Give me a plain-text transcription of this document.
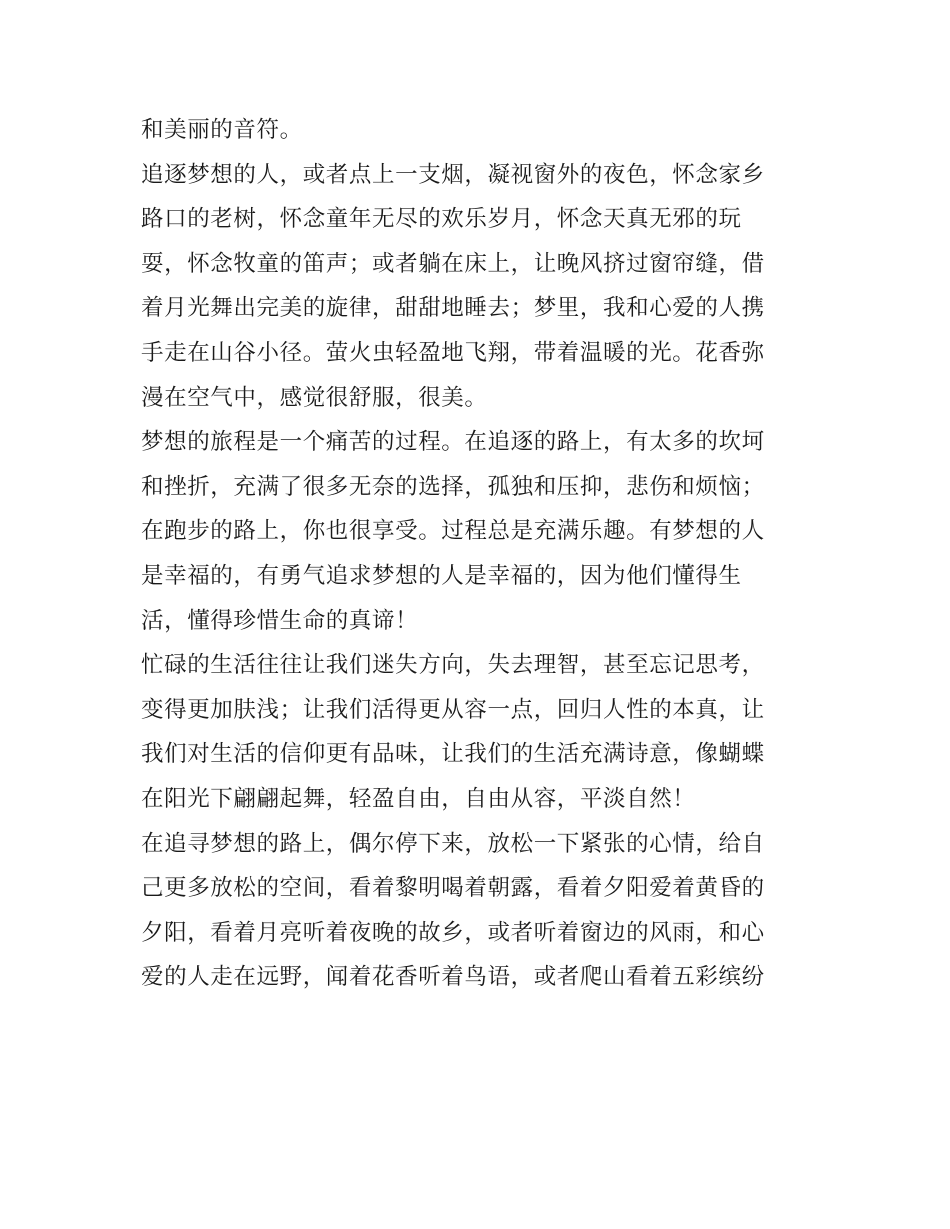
和美丽的音符。
追逐梦想的人，或者点上一支烟，凝视窗外的夜色，怀念家乡
路口的老树，怀念童年无尽的欢乐岁月，怀念天真无邪的玩
耍，怀念牧童的笛声；或者躺在床上，让晚风挤过窗帘缝，借
着月光舞出完美的旋律，甜甜地睡去；梦里，我和心爱的人携
手走在山谷小径。萤火虫轻盈地飞翔，带着温暖的光。花香弥
漫在空气中，感觉很舒服，很美。
梦想的旅程是一个痛苦的过程。在追逐的路上，有太多的坎坷
和挫折，充满了很多无奈的选择，孤独和压抑，悲伤和烦恼；
在跑步的路上，你也很享受。过程总是充满乐趣。有梦想的人
是幸福的，有勇气追求梦想的人是幸福的，因为他们懂得生
活，懂得珍惜生命的真谛！
忙碌的生活往往让我们迷失方向，失去理智，甚至忘记思考，
变得更加肤浅；让我们活得更从容一点，回归人性的本真，让
我们对生活的信仰更有品味，让我们的生活充满诗意，像蝴蝶
在阳光下翩翩起舞，轻盈自由，自由从容，平淡自然！
在追寻梦想的路上，偶尔停下来，放松一下紧张的心情，给自
己更多放松的空间，看着黎明喝着朝露，看着夕阳爱着黄昏的
夕阳，看着月亮听着夜晚的故乡，或者听着窗边的风雨，和心
爱的人走在远野，闻着花香听着鸟语，或者爬山看着五彩缤纷
